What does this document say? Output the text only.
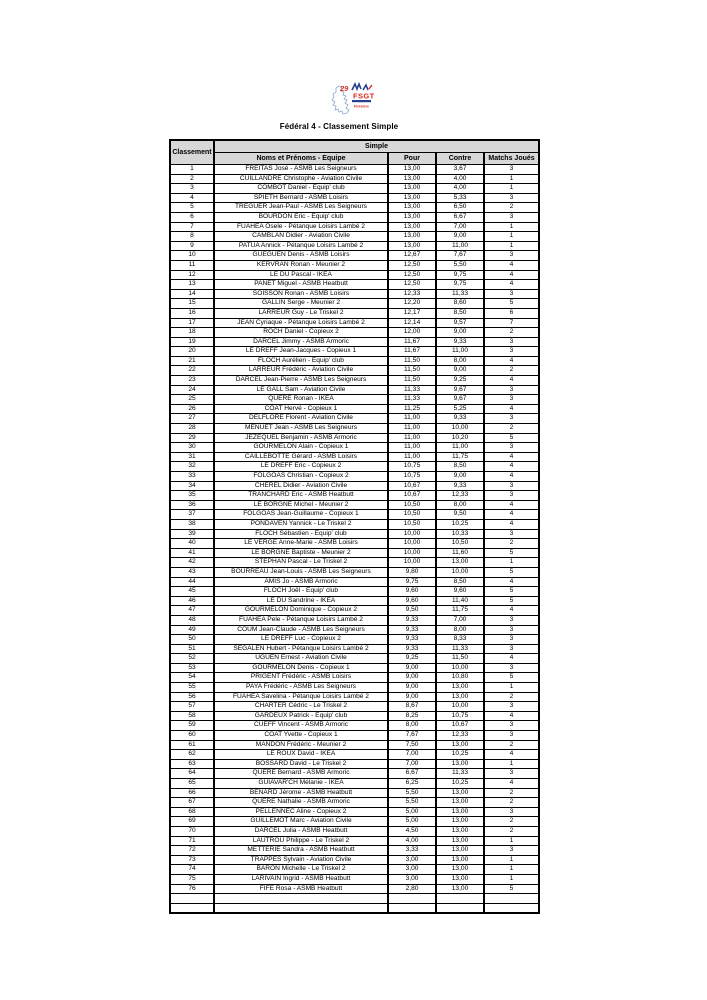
29
FSGT
Finistère
Fédéral 4 - Classement Simple
Classement	Simple			
	Noms et Prénoms - Equipe	Pour	Contre	Matchs Joués
1	FREITAS José - ASMB Les Seigneurs	13,00	3,67	3
2	CUILLANDRE Christophe - Aviation Civile	13,00	4,00	1
3	COMBOT Daniel - Equip' club	13,00	4,00	1
4	SPIETH Bernard - ASMB Loisirs	13,00	5,33	3
5	TREGUER Jean-Paul - ASMB Les Seigneurs	13,00	6,50	2
6	BOURDON Eric - Equip' club	13,00	6,67	3
7	FUAHEA Osele - Pétanque Loisirs Lambé 2	13,00	7,00	1
8	CAMBLAN Didier - Aviation Civile	13,00	9,00	1
9	PATUA Annick - Pétanque Loisirs Lambé 2	13,00	11,00	1
10	GUEGUEN Denis - ASMB Loisirs	12,67	7,67	3
11	KERVRAN Ronan - Meunier 2	12,50	5,50	4
12	LE DU Pascal - IKEA	12,50	9,75	4
13	PANET Miguel - ASMB Heatbutt	12,50	9,75	4
14	SOISSON Ronan - ASMB Loisirs	12,33	11,33	3
15	GALLIN Serge - Meunier 2	12,20	8,60	5
16	LARREUR Guy - Le Triskel 2	12,17	8,50	6
17	JEAN Cyriaque - Pétanque Loisirs Lambé 2	12,14	9,57	7
18	ROCH Daniel - Copieux 2	12,00	9,00	2
19	DARCEL Jimmy - ASMB Armoric	11,67	9,33	3
20	LE DREFF Jean-Jacques - Copieux 1	11,67	11,00	3
21	FLOCH Aurélien - Equip' club	11,50	8,00	4
22	LARREUR Frédéric - Aviation Civile	11,50	9,00	2
23	DARCEL Jean-Pierre - ASMB Les Seigneurs	11,50	9,25	4
24	LE GALL Sam - Aviation Civile	11,33	9,67	3
25	QUERE Ronan - IKEA	11,33	9,67	3
26	COAT Hervé - Copieux 1	11,25	5,25	4
27	DELFLORE Florent - Aviation Civile	11,00	9,33	3
28	MENUET Jean - ASMB Les Seigneurs	11,00	10,00	2
29	JEZEQUEL Benjamin - ASMB Armoric	11,00	10,20	5
30	GOURMELON Alain - Copieux 1	11,00	11,00	3
31	CAILLEBOTTE Gérard - ASMB Loisirs	11,00	11,75	4
32	LE DREFF Eric - Copieux 2	10,75	8,50	4
33	FOLGOAS Christian - Copieux 2	10,75	9,00	4
34	CHEREL Didier - Aviation Civile	10,67	9,33	3
35	TRANCHARD Eric - ASMB Heatbutt	10,67	12,33	3
36	LE BORGNE Michel - Meunier 2	10,50	8,00	4
37	FOLGOAS Jean-Guillaume - Copieux 1	10,50	9,50	4
38	PONDAVEN Yannick - Le Triskel 2	10,50	10,25	4
39	FLOCH Sébastien - Equip' club	10,00	10,33	3
40	LE VERGE Anne-Marie - ASMB Loisirs	10,00	10,50	2
41	LE BORGNE Baptiste - Meunier 2	10,00	11,60	5
42	STEPHAN Pascal - Le Triskel 2	10,00	13,00	1
43	BOURREAU Jean-Louis - ASMB Les Seigneurs	9,80	10,00	5
44	AMIS Jo - ASMB Armoric	9,75	8,50	4
45	FLOCH Joël - Equip' club	9,60	9,60	5
46	LE DU Sandrine - IKEA	9,60	11,40	5
47	GOURMELON Dominique - Copieux 2	9,50	11,75	4
48	FUAHEA Pele - Pétanque Loisirs Lambé 2	9,33	7,00	3
49	COUM Jean-Claude - ASMB Les Seigneurs	9,33	8,00	3
50	LE DREFF Luc - Copieux 2	9,33	8,33	3
51	SEGALEN Hubert - Pétanque Loisirs Lambé 2	9,33	11,33	3
52	UGUEN Ernest - Aviation Civile	9,25	11,50	4
53	GOURMELON Denis - Copieux 1	9,00	10,00	3
54	PRIGENT Frédéric - ASMB Loisirs	9,00	10,80	5
55	PAYA Frédéric - ASMB Les Seigneurs	9,00	13,00	1
56	FUAHEA Savelina - Pétanque Loisirs Lambé 2	9,00	13,00	2
57	CHARTER Cédric - Le Triskel 2	8,67	10,00	3
58	GARDEUX Patrick - Equip' club	8,25	10,75	4
59	CUEFF Vincent - ASMB Armoric	8,00	10,67	3
60	COAT Yvette - Copieux 1	7,67	12,33	3
61	MANDON Frédéric - Meunier 2	7,50	13,00	2
62	LE ROUX David - IKEA	7,00	10,25	4
63	BOSSARD David - Le Triskel 2	7,00	13,00	1
64	QUERE Bernard - ASMB Armoric	6,67	11,33	3
65	GUIAVAR'CH Mélanie - IKEA	6,25	10,25	4
66	BENARD Jérome - ASMB Heatbutt	5,50	13,00	2
67	QUERE Nathalie - ASMB Armoric	5,50	13,00	2
68	PELLENNEC Aline - Copieux 2	5,00	13,00	3
69	GUILLEMOT Marc - Aviation Civile	5,00	13,00	2
70	DARCEL Julia - ASMB Heatbutt	4,50	13,00	2
71	LAUTROU Philippe - Le Triskel 2	4,00	13,00	1
72	METTERIE Sandra - ASMB Heatbutt	3,33	13,00	3
73	TRAPPES Sylvain - Aviation Civile	3,00	13,00	1
74	BARON Michelle - Le Triskel 2	3,00	13,00	1
75	LARIVAIN Ingrid - ASMB Heatbutt	3,00	13,00	1
76	FIFE Rosa - ASMB Heatbutt	2,80	13,00	5
